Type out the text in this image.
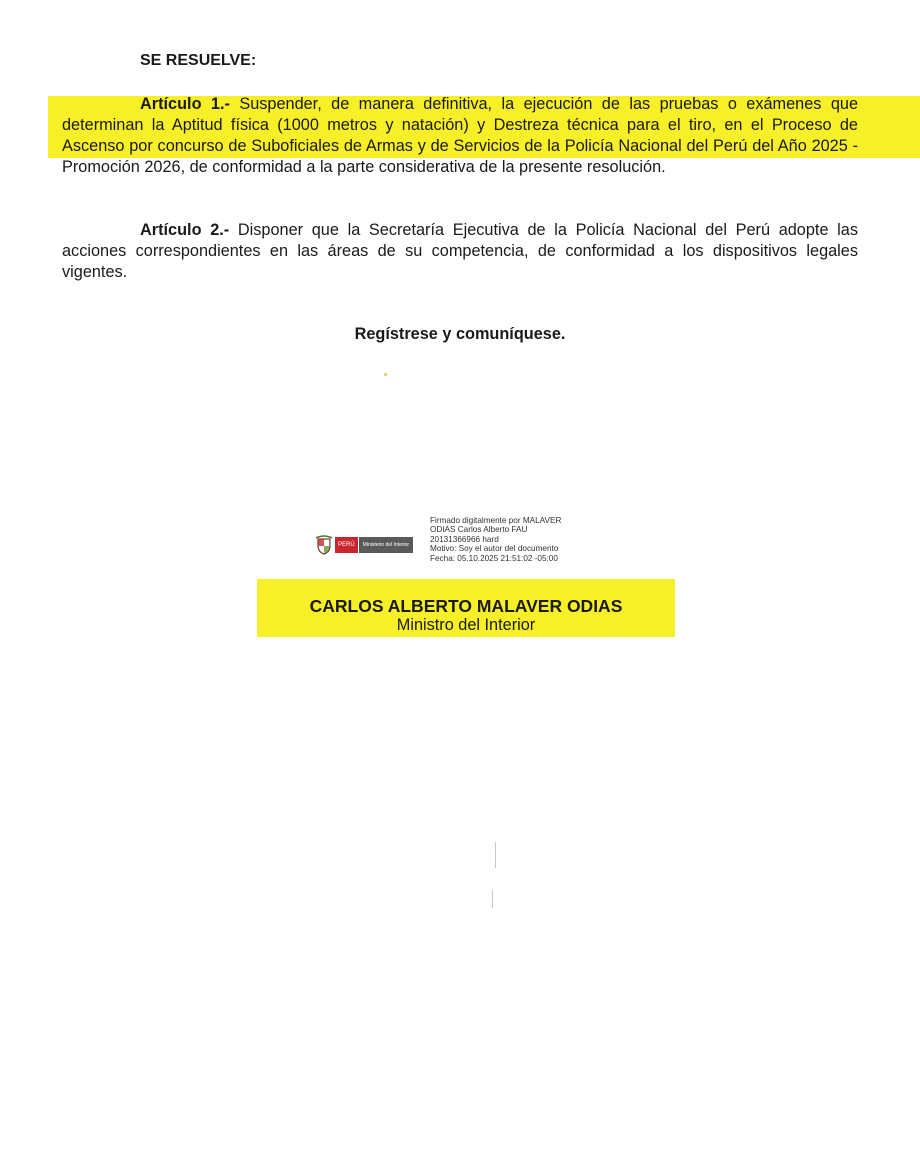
SE RESUELVE:

Artículo 1.- Suspender, de manera definitiva, la ejecución de las pruebas o exámenes que determinan la Aptitud física (1000 metros y natación) y Destreza técnica para el tiro, en el Proceso de Ascenso por concurso de Suboficiales de Armas y de Servicios de la Policía Nacional del Perú del Año 2025 - Promoción 2026, de conformidad a la parte considerativa de la presente resolución.

Artículo 2.- Disponer que la Secretaría Ejecutiva de la Policía Nacional del Perú adopte las acciones correspondientes en las áreas de su competencia, de conformidad a los dispositivos legales vigentes.

Regístrese y comuníquese.

PERÚ	Ministerio del Interior
Firmado digitalmente por MALAVER
ODIAS Carlos Alberto FAU
20131366966 hard
Motivo: Soy el autor del documento
Fecha: 05.10.2025 21:51:02 -05:00
CARLOS ALBERTO MALAVER ODIAS
Ministro del Interior
